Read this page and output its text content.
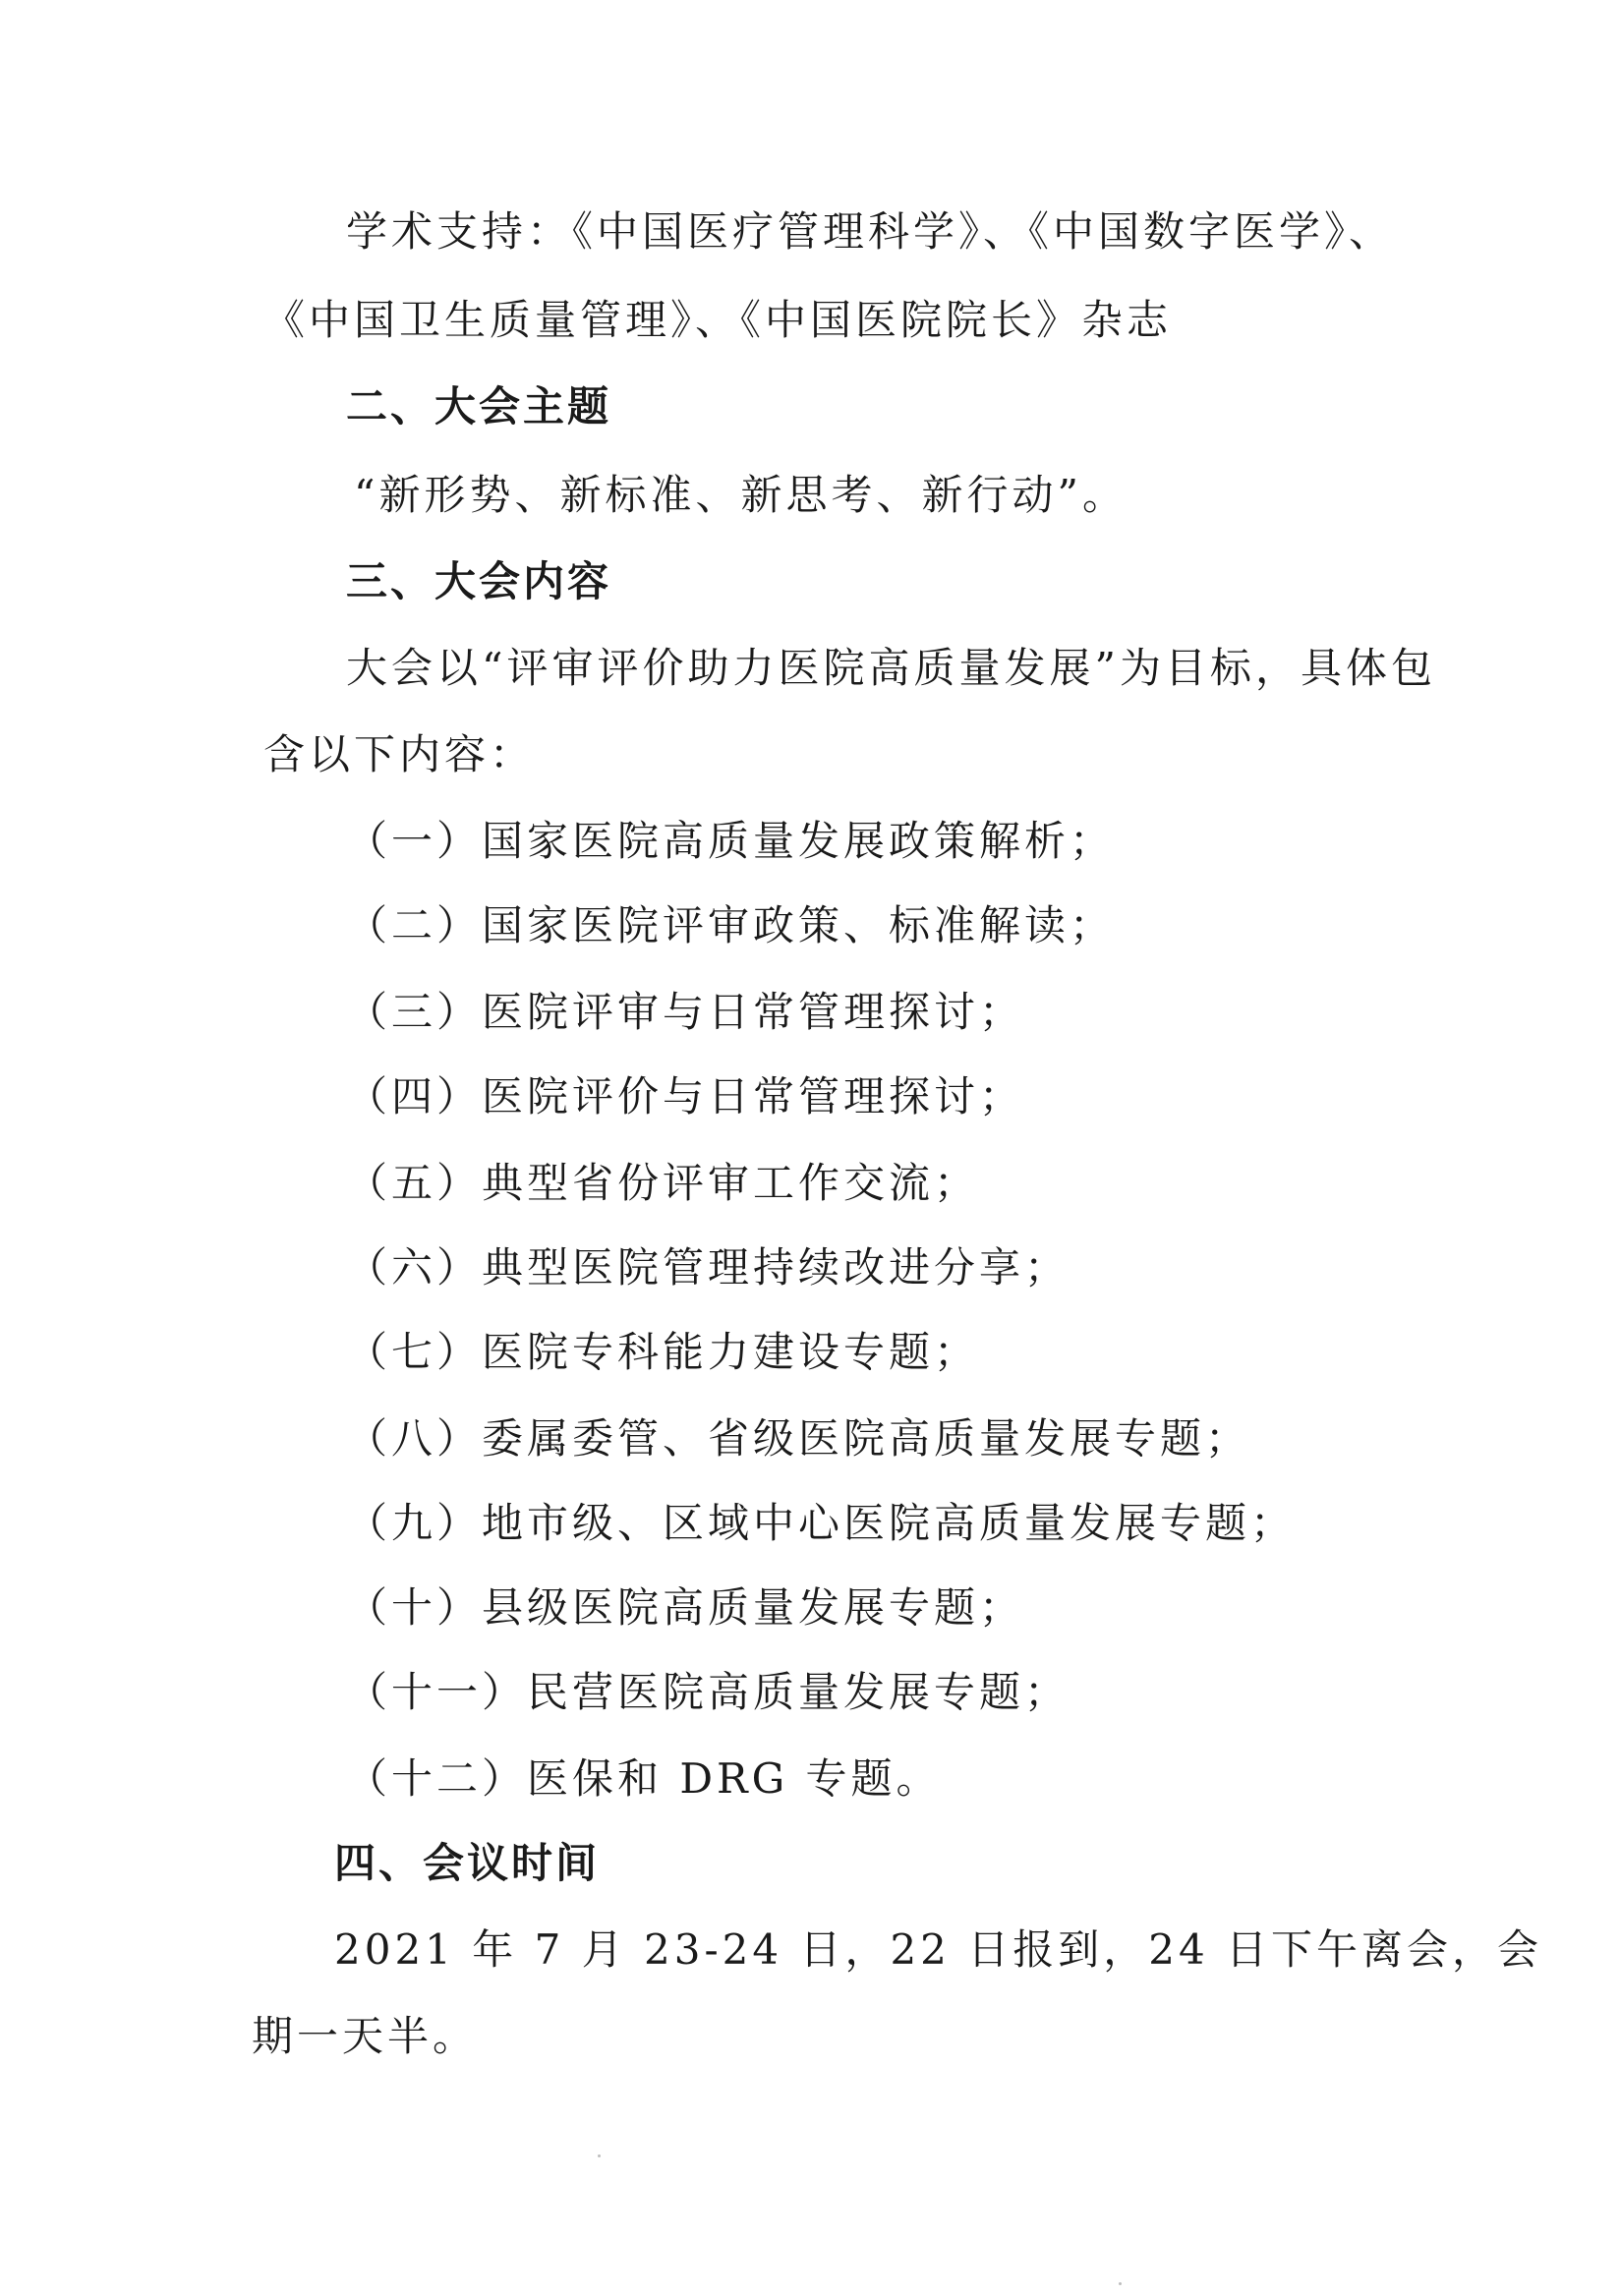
学术支持：《中国医疗管理科学》、《中国数字医学》、
《中国卫生质量管理》、《中国医院院长》杂志
二、大会主题
“新形势、新标准、新思考、新行动”。
三、大会内容
大会以“评审评价助力医院高质量发展”为目标，具体包
含以下内容：
（一）国家医院高质量发展政策解析；
（二）国家医院评审政策、标准解读；
（三）医院评审与日常管理探讨；
（四）医院评价与日常管理探讨；
（五）典型省份评审工作交流；
（六）典型医院管理持续改进分享；
（七）医院专科能力建设专题；
（八）委属委管、省级医院高质量发展专题；
（九）地市级、区域中心医院高质量发展专题；
（十）县级医院高质量发展专题；
（十一）民营医院高质量发展专题；
（十二）医保和 DRG 专题。
四、会议时间
2021 年 7 月 23-24 日，22 日报到，24 日下午离会，会
期一天半。
